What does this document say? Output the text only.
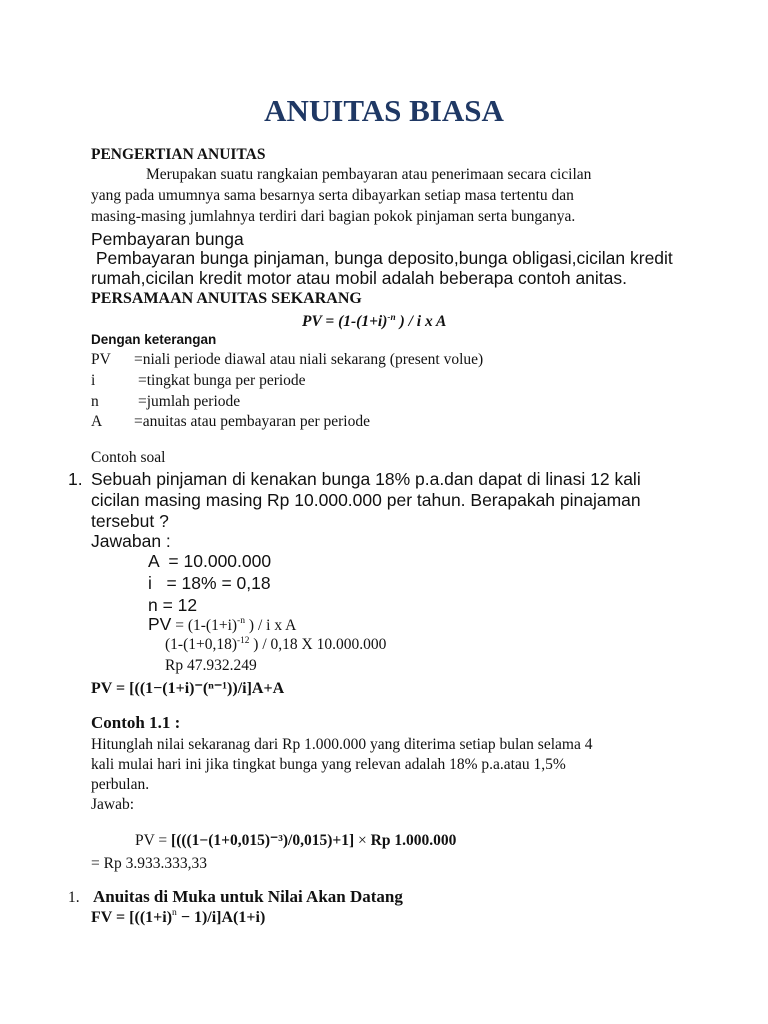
ANUITAS BIASA
PENGERTIAN ANUITAS
Merupakan suatu rangkaian pembayaran atau penerimaan secara cicilan
yang pada umumnya sama besarnya serta dibayarkan setiap masa tertentu dan
masing-masing jumlahnya terdiri dari bagian pokok pinjaman serta bunganya.
Pembayaran bunga
Pembayaran bunga pinjaman, bunga deposito,bunga obligasi,cicilan kredit
rumah,cicilan kredit motor atau mobil adalah beberapa contoh anitas.
PERSAMAAN ANUITAS SEKARANG
PV = ($1-(1+i)^{-n}$ ) / i x A
Dengan keterangan
PV =niali periode diawal atau niali sekarang (present volue)
i	=tingkat bunga per periode
n	=jumlah periode
A =anuitas atau pembayaran per periode
Contoh soal
1. Sebuah pinjaman di kenakan bunga 18% p.a.dan dapat di linasi 12 kali
cicilan masing masing Rp 10.000.000 per tahun. Berapakah pinajaman
tersebut ?
Jawaban :
A  = 10.000.000
i   = 18% = 0,18
n = 12
PV = ($1-(1+i)^{-n}$ ) / i x A
($1-(1+0,18)^{-12}$ ) / 0,18 X 10.000.000
Rp 47.932.249
PV = [((1−(1+i)⁻(ⁿ⁻¹))/i]A+A
Contoh 1.1 :
Hitunglah nilai sekaranag dari Rp 1.000.000 yang diterima setiap bulan selama 4
kali mulai hari ini jika tingkat bunga yang relevan adalah 18% p.a.atau 1,5%
perbulan.
Jawab:
PV = [(((1−(1+0,015)⁻³)/0,015)+1] × Rp 1.000.000
= Rp 3.933.333,33
1. Anuitas di Muka untuk Nilai Akan Datang
FV = $[((1+i)^n - 1)/i]A(1+i)$
